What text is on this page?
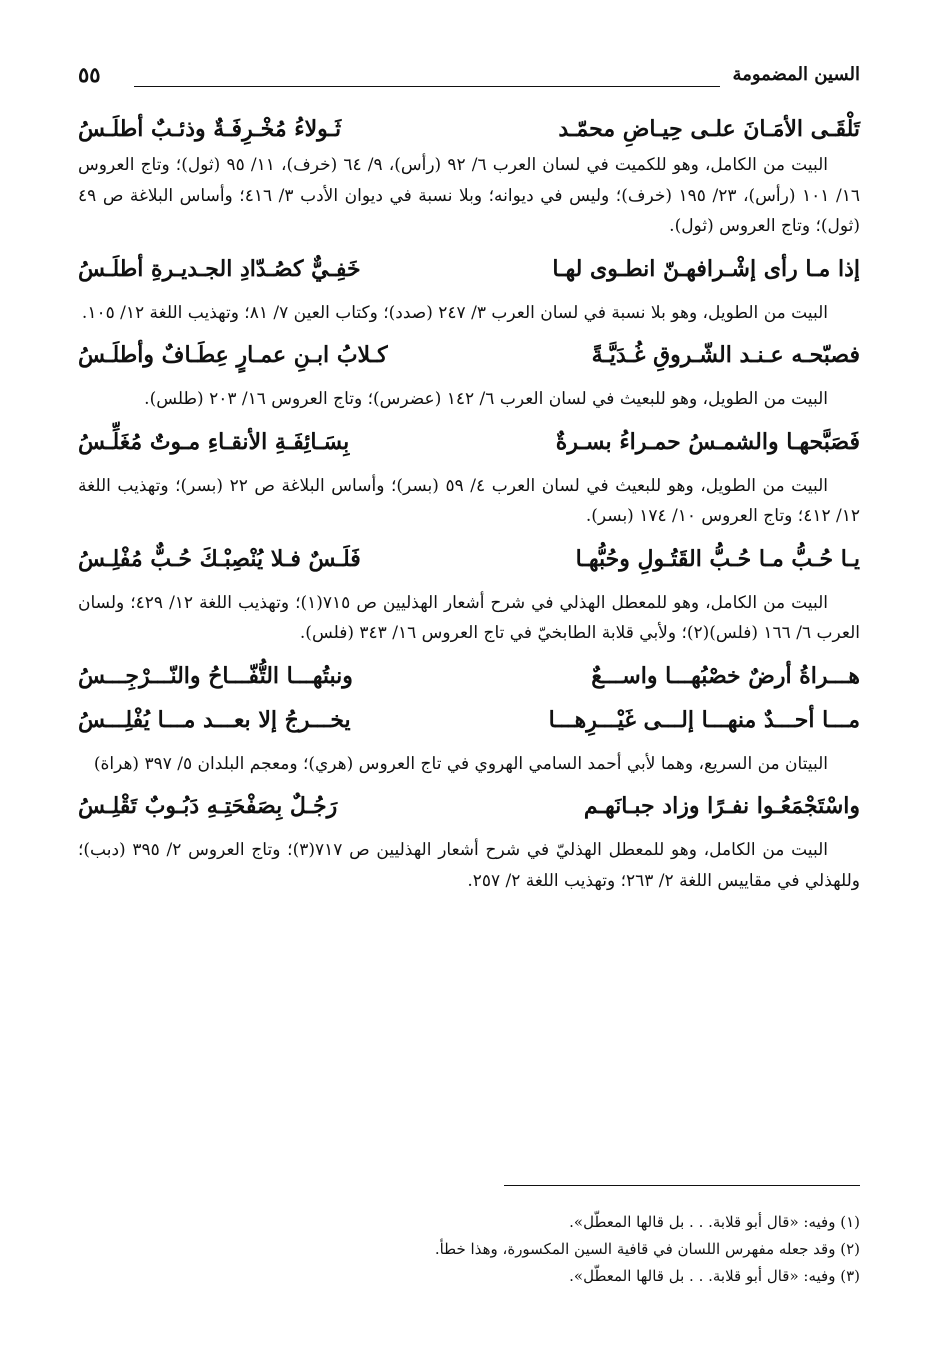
السين المضمومة
٥٥
تَلْقَـى الأمَـانَ علـى حِيـاضِ محمّـد
ثَـولاءُ مُخْـرِفَـةٌ وذئـبٌ أطلَـسُ

البيت من الكامل، وهو للكميت في لسان العرب ٦/ ٩٢ (رأس)، ٩/ ٦٤ (خرف)، ١١/ ٩٥ (ثول)؛ وتاج العروس ١٦/ ١٠١ (رأس)، ٢٣/ ١٩٥ (خرف)؛ وليس في ديوانه؛ وبلا نسبة في ديوان الأدب ٣/ ٤١٦؛ وأساس البلاغة ص ٤٩ (ثول)؛ وتاج العروس (ثول).

إذا مـا رأى إشْـرافهـنّ انطـوى لهـا
خَفِـيٌّ كصُـدّادِ الجـديـرةِ أطلَـسُ

البيت من الطويل، وهو بلا نسبة في لسان العرب ٣/ ٢٤٧ (صدد)؛ وكتاب العين ٧/ ٨١؛ وتهذيب اللغة ١٢/ ١٠٥.

فصبّحـه عـنـد الشّـروقِ غُـدَيَّـةً
كـلابُ ابـنِ عمـارٍ عِطَـافٌ وأطلَـسُ

البيت من الطويل، وهو للبعيث في لسان العرب ٦/ ١٤٢ (عضرس)؛ وتاج العروس ١٦/ ٢٠٣ (طلس).

فَصَبَّحهـا والشمـسُ حمـراءُ بسـرةٌ
بِسَـائِفَـةِ الأنقـاءِ مـوتٌ مُغَلِّـسُ

البيت من الطويل، وهو للبعيث في لسان العرب ٤/ ٥٩ (بسر)؛ وأساس البلاغة ص ٢٢ (بسر)؛ وتهذيب اللغة ١٢/ ٤١٢؛ وتاج العروس ١٠/ ١٧٤ (بسر).

يـا حُـبُّ مـا حُـبُّ القَتُـولِ وحُبُّهـا
فَلَـسٌ فـلا يُنْصِبْـكَ حُـبٌّ مُفْلِـسُ

البيت من الكامل، وهو للمعطل الهذلي في شرح أشعار الهذليين ص ٧١٥(١)؛ وتهذيب اللغة ١٢/ ٤٢٩؛ ولسان العرب ٦/ ١٦٦ (فلس)(٢)؛ ولأبي قلابة الطابخيّ في تاج العروس ١٦/ ٣٤٣ (فلس).

هـــراةُ أرضٌ خصْبُهـــا واســـعٌ
ونبتُهـــا التُّفّـــاحُ والنّـــرْجِـــسُ
مـــا أحـــدٌ منهـــا إلـــى غَيْـــرِهـــا
يخـــرجُ إلا بعـــد مـــا يُفْلِـــسُ

البيتان من السريع، وهما لأبي أحمد السامي الهروي في تاج العروس (هري)؛ ومعجم البلدان ٥/ ٣٩٧ (هراة)

واسْتَجْمَعُـوا نفـرًا وزاد جبـانَهـم
رَجُـلٌ بِصَفْحَتِـهِ دَبُـوبٌ تَقْلِـسُ

البيت من الكامل، وهو للمعطل الهذليّ في شرح أشعار الهذليين ص ٧١٧(٣)؛ وتاج العروس ٢/ ٣٩٥ (دبب)؛ وللهذلي في مقاييس اللغة ٢/ ٢٦٣؛ وتهذيب اللغة ٢/ ٢٥٧.

(١) وفيه: «قال أبو قلابة. . . بل قالها المعطّل».
(٢) وقد جعله مفهرس اللسان في قافية السين المكسورة، وهذا خطأ.
(٣) وفيه: «قال أبو قلابة. . . بل قالها المعطّل».
